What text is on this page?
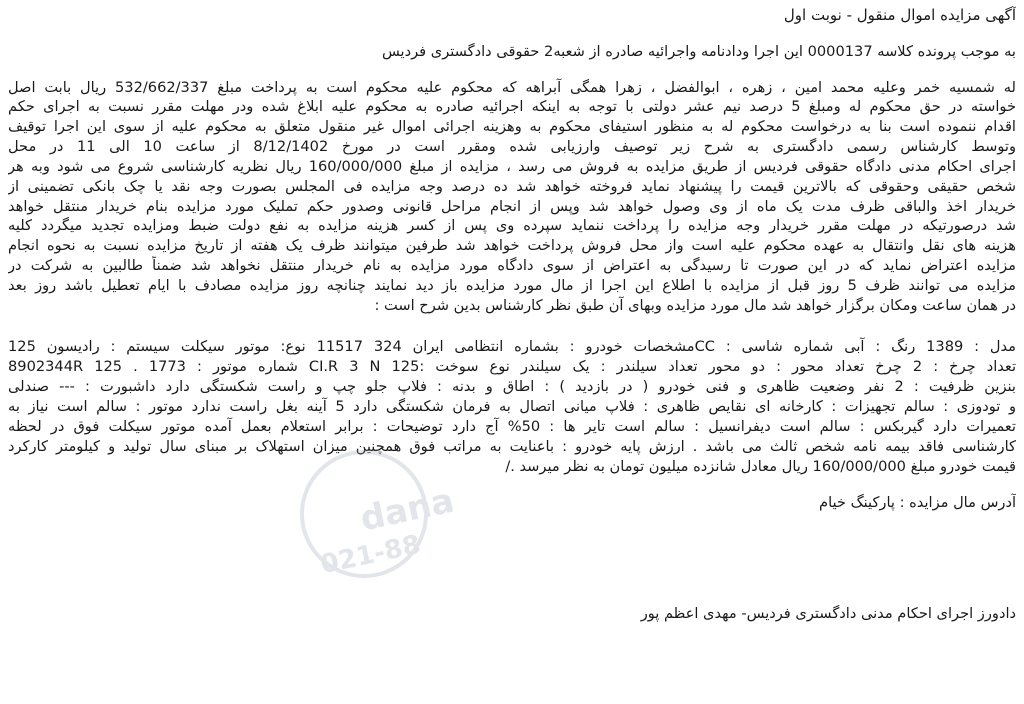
آگهی مزایده اموال منقول - نوبت اول
به موجب پرونده کلاسه 0000137 این اجرا ودادنامه واجرائیه صادره از شعبه2 حقوقی دادگستری فردیس
له شمسیه خمر وعلیه محمد امین ، زهره ، ابوالفضل ، زهرا همگی آبراهه که محکوم علیه محکوم است به پرداخت مبلغ 532/662/337 ریال بابت اصل
خواسته در حق محکوم له ومبلغ 5 درصد نیم عشر دولتی با توجه به اینکه اجرائیه صادره به محکوم علیه ابلاغ شده ودر مهلت مقرر نسبت به اجرای حکم
اقدام ننموده است بنا به درخواست محکوم له به منظور استیفای محکوم به وهزینه اجرائی اموال غیر منقول متعلق به محکوم علیه از سوی این اجرا توقیف
وتوسط کارشناس رسمی دادگستری به شرح زیر توصیف وارزیابی شده ومقرر است در مورخ 8/12/1402 از ساعت 10 الی 11 در محل
اجرای احکام مدنی دادگاه حقوقی فردیس از طریق مزایده به فروش می رسد ، مزایده از مبلغ 160/000/000 ریال نظریه کارشناسی شروع می شود وبه هر
شخص حقیقی وحقوقی که بالاترین قیمت را پیشنهاد نماید فروخته خواهد شد ده درصد وجه مزایده فی المجلس بصورت وجه نقد یا چک بانکی تضمینی از
خریدار اخذ والباقی ظرف مدت یک ماه از وی وصول خواهد شد وپس از انجام مراحل قانونی وصدور حکم تملیک مورد مزایده بنام خریدار منتقل خواهد
شد درصورتیکه در مهلت مقرر خریدار وجه مزایده را پرداخت ننماید سپرده وی پس از کسر هزینه مزایده به نفع دولت ضبط ومزایده تجدید میگردد کلیه
هزینه های نقل وانتقال به عهده محکوم علیه است واز محل فروش پرداخت خواهد شد طرفین میتوانند ظرف یک هفته از تاریخ مزایده نسبت به نحوه انجام
مزایده اعتراض نماید که در این صورت تا رسیدگی به اعتراض از سوی دادگاه مورد مزایده به نام خریدار منتقل نخواهد شد ضمناً طالبین به شرکت در
مزایده می توانند ظرف 5 روز قبل از مزایده با اطلاع این اجرا از مال مورد مزایده باز دید نمایند چنانچه روز مزایده مصادف با ایام تعطیل باشد روز بعد
در همان ساعت ومکان برگزار خواهد شد مال مورد مزایده وبهای آن طبق نظر کارشناس بدین شرح است :
مدل : 1389 رنگ : آبی شماره شاسی : CCمشخصات خودرو : بشماره انتظامی ایران 324 11517 نوع: موتور سیکلت سیستم : رادیسون 125
تعداد چرخ : 2 چرخ تعداد محور : دو محور تعداد سیلندر : یک سیلندر نوع سوخت :CI.R 3 N 125 شماره موتور : 1773 . 125 8902344R
بنزین ظرفیت : 2 نفر وضعیت ظاهری و فنی خودرو ( در بازدید ) : اطاق و بدنه : فلاپ جلو چپ و راست شکستگی دارد داشبورت : --- صندلی
و تودوزی : سالم تجهیزات : کارخانه ای نقایص ظاهری : فلاپ میانی اتصال به فرمان شکستگی دارد 5 آینه بغل راست ندارد موتور : سالم است نیاز به
تعمیرات دارد گیربکس : سالم است دیفرانسیل : سالم است تایر ها : 50% آج دارد توضیحات : برابر استعلام بعمل آمده موتور سیکلت فوق در لحظه
کارشناسی فاقد بیمه نامه شخص ثالث می باشد . ارزش پایه خودرو : باعنایت به مراتب فوق همچنین میزان استهلاک بر مبنای سال تولید و کیلومتر کارکرد
قیمت خودرو مبلغ 160/000/000 ریال معادل شانزده میلیون تومان به نظر میرسد ./
آدرس مال مزایده : پارکینگ خیام
دادورز اجرای احکام مدنی دادگستری فردیس- مهدی اعظم پور
dana
021-88
